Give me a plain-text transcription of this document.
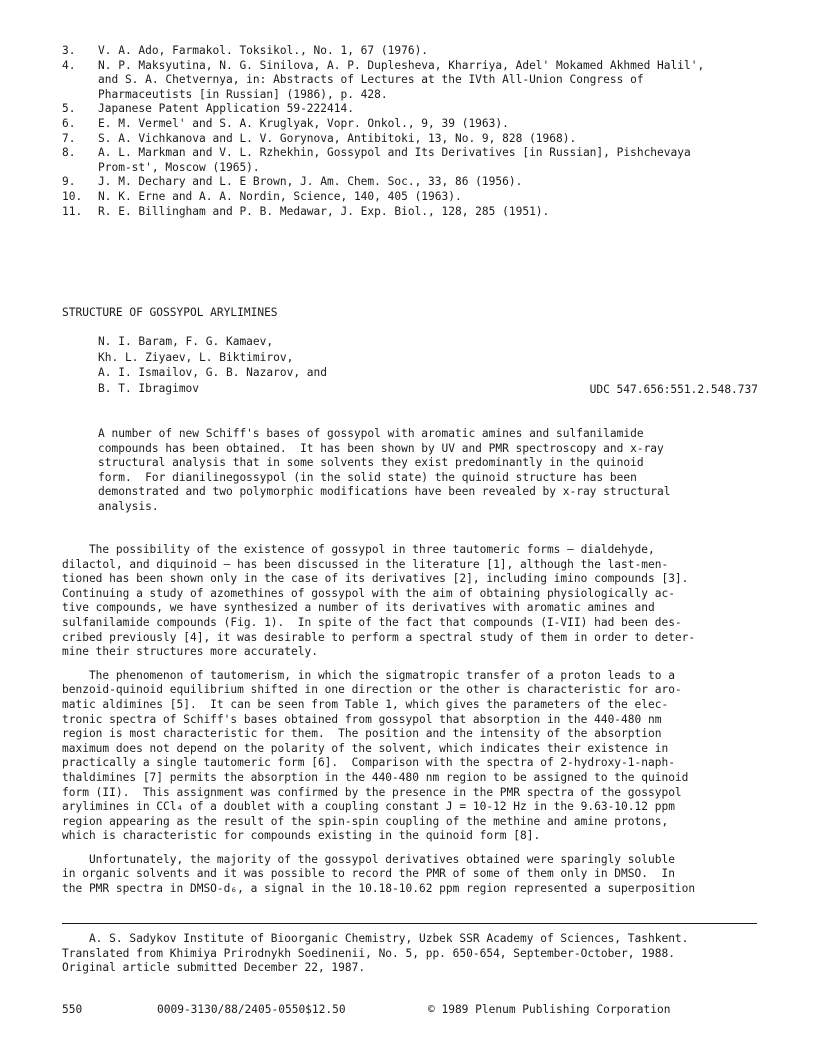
3.	V. A. Ado, Farmakol. Toksikol., No. 1, 67 (1976).
4.	N. P. Maksyutina, N. G. Sinilova, A. P. Duplesheva, Kharriya, Adel' Mokamed Akhmed Halil',
and S. A. Chetvernya, in: Abstracts of Lectures at the IVth All-Union Congress of
Pharmaceutists [in Russian] (1986), p. 428.
5.	Japanese Patent Application 59-222414.
6.	E. M. Vermel' and S. A. Kruglyak, Vopr. Onkol., 9, 39 (1963).
7.	S. A. Vichkanova and L. V. Gorynova, Antibitoki, 13, No. 9, 828 (1968).
8.	A. L. Markman and V. L. Rzhekhin, Gossypol and Its Derivatives [in Russian], Pishchevaya
Prom-st', Moscow (1965).
9.	J. M. Dechary and L. E Brown, J. Am. Chem. Soc., 33, 86 (1956).
10.	N. K. Erne and A. A. Nordin, Science, 140, 405 (1963).
11.	R. E. Billingham and P. B. Medawar, J. Exp. Biol., 128, 285 (1951).
STRUCTURE OF GOSSYPOL ARYLIMINES
N. I. Baram, F. G. Kamaev,
Kh. L. Ziyaev, L. Biktimirov,
A. I. Ismailov, G. B. Nazarov, and
B. T. Ibragimov	UDC 547.656:551.2.548.737
A number of new Schiff's bases of gossypol with aromatic amines and sulfanilamide
compounds has been obtained.  It has been shown by UV and PMR spectroscopy and x-ray
structural analysis that in some solvents they exist predominantly in the quinoid
form.  For dianilinegossypol (in the solid state) the quinoid structure has been
demonstrated and two polymorphic modifications have been revealed by x-ray structural
analysis.
The possibility of the existence of gossypol in three tautomeric forms — dialdehyde,
dilactol, and diquinoid — has been discussed in the literature [1], although the last-men-
tioned has been shown only in the case of its derivatives [2], including imino compounds [3].
Continuing a study of azomethines of gossypol with the aim of obtaining physiologically ac-
tive compounds, we have synthesized a number of its derivatives with aromatic amines and
sulfanilamide compounds (Fig. 1).  In spite of the fact that compounds (I-VII) had been des-
cribed previously [4], it was desirable to perform a spectral study of them in order to deter-
mine their structures more accurately.
The phenomenon of tautomerism, in which the sigmatropic transfer of a proton leads to a
benzoid-quinoid equilibrium shifted in one direction or the other is characteristic for aro-
matic aldimines [5].  It can be seen from Table 1, which gives the parameters of the elec-
tronic spectra of Schiff's bases obtained from gossypol that absorption in the 440-480 nm
region is most characteristic for them.  The position and the intensity of the absorption
maximum does not depend on the polarity of the solvent, which indicates their existence in
practically a single tautomeric form [6].  Comparison with the spectra of 2-hydroxy-1-naph-
thaldimines [7] permits the absorption in the 440-480 nm region to be assigned to the quinoid
form (II).  This assignment was confirmed by the presence in the PMR spectra of the gossypol
arylimines in CCl₄ of a doublet with a coupling constant J = 10-12 Hz in the 9.63-10.12 ppm
region appearing as the result of the spin-spin coupling of the methine and amine protons,
which is characteristic for compounds existing in the quinoid form [8].
Unfortunately, the majority of the gossypol derivatives obtained were sparingly soluble
in organic solvents and it was possible to record the PMR of some of them only in DMSO.  In
the PMR spectra in DMSO-d₆, a signal in the 10.18-10.62 ppm region represented a superposition
A. S. Sadykov Institute of Bioorganic Chemistry, Uzbek SSR Academy of Sciences, Tashkent.
Translated from Khimiya Prirodnykh Soedinenii, No. 5, pp. 650-654, September-October, 1988.
Original article submitted December 22, 1987.
550	0009-3130/88/2405-0550$12.50	© 1989 Plenum Publishing Corporation
